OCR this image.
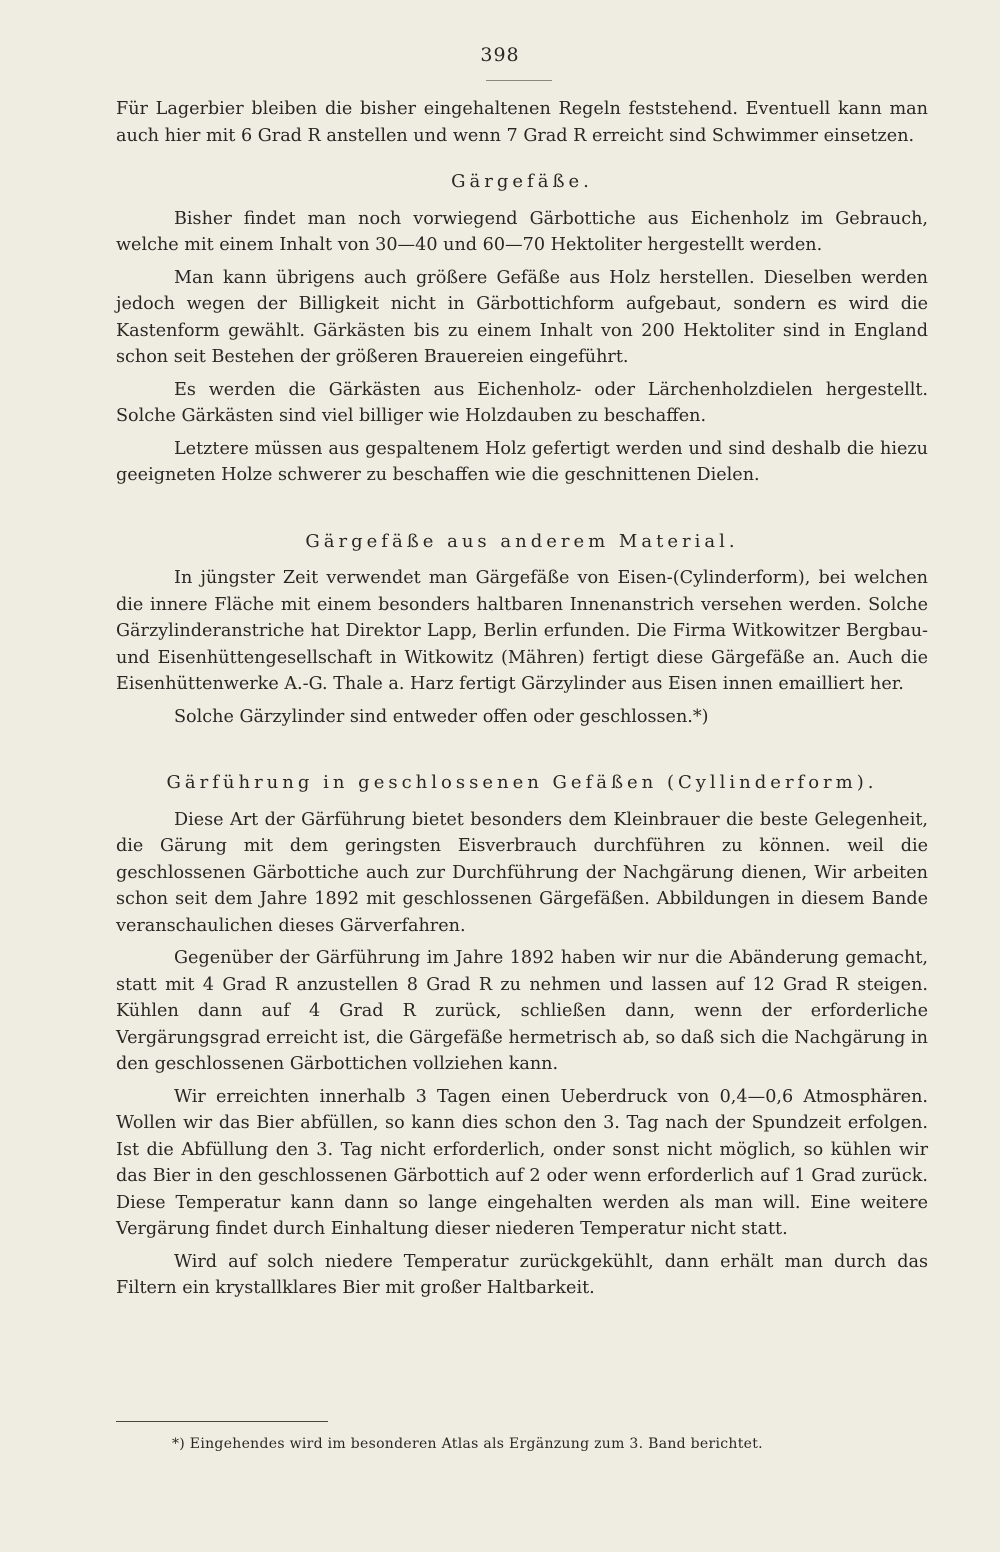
398

Für Lagerbier bleiben die bisher eingehaltenen Regeln feststehend. Eventuell kann man auch hier mit 6 Grad R anstellen und wenn 7 Grad R erreicht sind Schwimmer einsetzen.

Gärgefäße.

Bisher findet man noch vorwiegend Gärbottiche aus Eichenholz im Gebrauch, welche mit einem Inhalt von 30—40 und 60—70 Hektoliter hergestellt werden.

Man kann übrigens auch größere Gefäße aus Holz herstellen. Dieselben werden jedoch wegen der Billigkeit nicht in Gärbottichform aufgebaut, sondern es wird die Kastenform gewählt. Gärkästen bis zu einem Inhalt von 200 Hektoliter sind in England schon seit Bestehen der größeren Brauereien eingeführt.

Es werden die Gärkästen aus Eichenholz- oder Lärchenholzdielen hergestellt. Solche Gärkästen sind viel billiger wie Holzdauben zu beschaffen.

Letztere müssen aus gespaltenem Holz gefertigt werden und sind deshalb die hiezu geeigneten Holze schwerer zu beschaffen wie die geschnittenen Dielen.

Gärgefäße aus anderem Material.

In jüngster Zeit verwendet man Gärgefäße von Eisen-(Cylinderform), bei welchen die innere Fläche mit einem besonders haltbaren Innenanstrich versehen werden. Solche Gärzylinderanstriche hat Direktor Lapp, Berlin erfunden. Die Firma Witkowitzer Bergbau- und Eisenhüttengesellschaft in Witkowitz (Mähren) fertigt diese Gärgefäße an. Auch die Eisenhüttenwerke A.-G. Thale a. Harz fertigt Gärzylinder aus Eisen innen emailliert her.

Solche Gärzylinder sind entweder offen oder geschlossen.*)

Gärführung in geschlossenen Gefäßen (Cyllinderform).

Diese Art der Gärführung bietet besonders dem Kleinbrauer die beste Gelegenheit, die Gärung mit dem geringsten Eisverbrauch durchführen zu können. weil die geschlossenen Gärbottiche auch zur Durchführung der Nachgärung dienen, Wir arbeiten schon seit dem Jahre 1892 mit geschlossenen Gärgefäßen. Abbildungen in diesem Bande veranschaulichen dieses Gärverfahren.

Gegenüber der Gärführung im Jahre 1892 haben wir nur die Abänderung gemacht, statt mit 4 Grad R anzustellen 8 Grad R zu nehmen und lassen auf 12 Grad R steigen. Kühlen dann auf 4 Grad R zurück, schließen dann, wenn der erforderliche Vergärungsgrad erreicht ist, die Gärgefäße hermetrisch ab, so daß sich die Nachgärung in den geschlossenen Gärbottichen vollziehen kann.

Wir erreichten innerhalb 3 Tagen einen Ueberdruck von 0,4—0,6 Atmosphären. Wollen wir das Bier abfüllen, so kann dies schon den 3. Tag nach der Spundzeit erfolgen. Ist die Abfüllung den 3. Tag nicht erforderlich, onder sonst nicht möglich, so kühlen wir das Bier in den geschlossenen Gärbottich auf 2 oder wenn erforderlich auf 1 Grad zurück. Diese Temperatur kann dann so lange eingehalten werden als man will. Eine weitere Vergärung findet durch Einhaltung dieser niederen Temperatur nicht statt.

Wird auf solch niedere Temperatur zurückgekühlt, dann erhält man durch das Filtern ein krystallklares Bier mit großer Haltbarkeit.

*) Eingehendes wird im besonderen Atlas als Ergänzung zum 3. Band berichtet.
